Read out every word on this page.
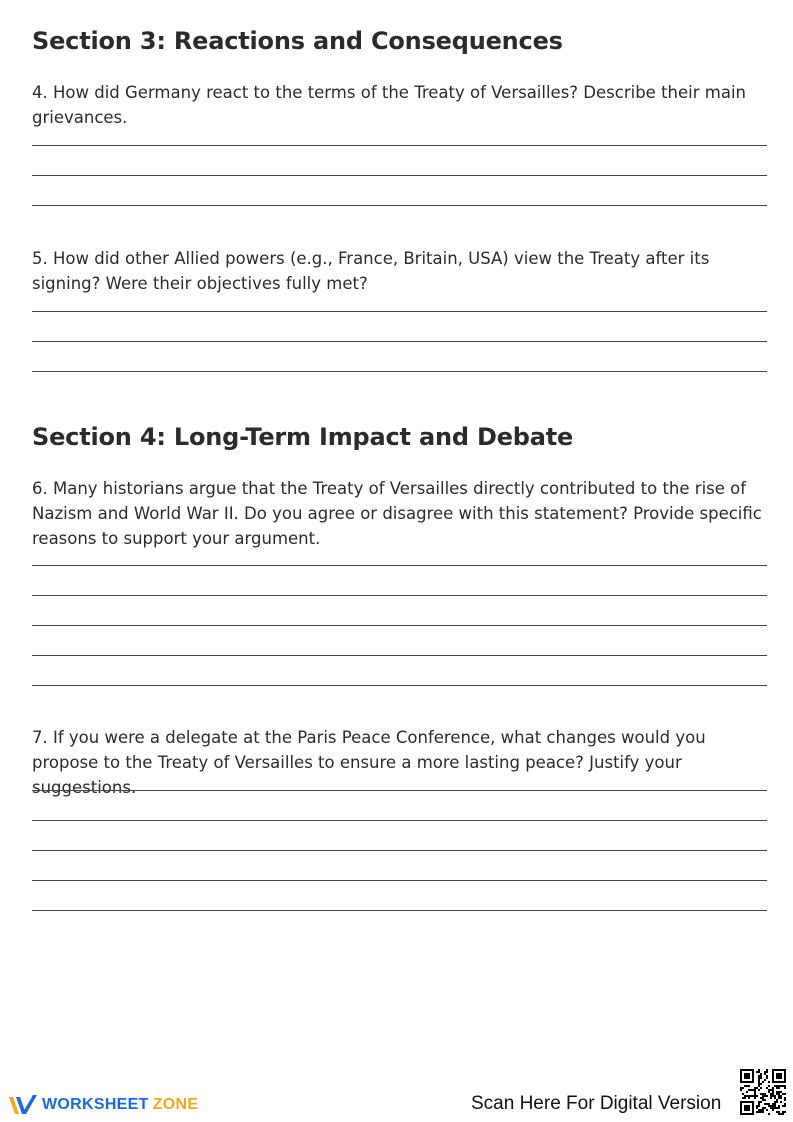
Section 3: Reactions and Consequences

4. How did Germany react to the terms of the Treaty of Versailles? Describe their main grievances.

5. How did other Allied powers (e.g., France, Britain, USA) view the Treaty after its signing? Were their objectives fully met?

Section 4: Long-Term Impact and Debate

6. Many historians argue that the Treaty of Versailles directly contributed to the rise of Nazism and World War II. Do you agree or disagree with this statement? Provide specific reasons to support your argument.

7. If you were a delegate at the Paris Peace Conference, what changes would you propose to the Treaty of Versailles to ensure a more lasting peace? Justify your suggestions.

WORKSHEET ZONE	Scan Here For Digital Version
